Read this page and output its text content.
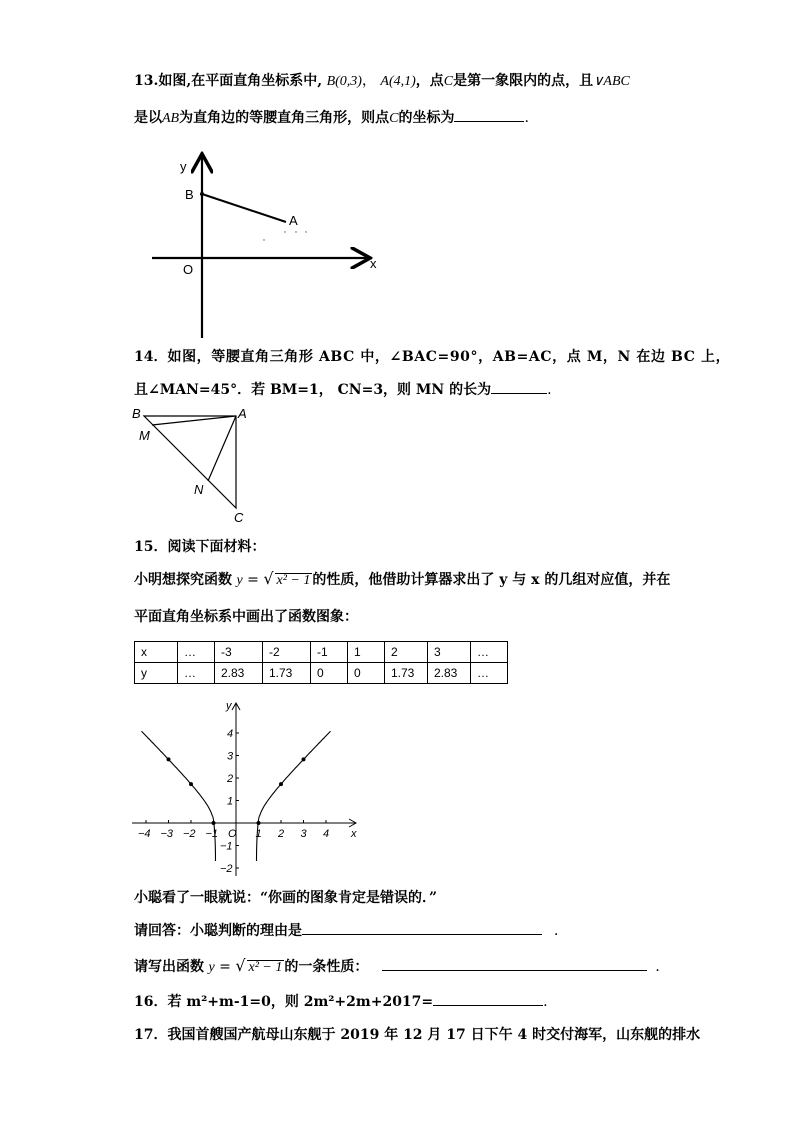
13.如图,在平面直角坐标系中, B(0,3)， A(4,1)，点C是第一象限内的点，且∨ABC
是以AB为直角边的等腰直角三角形，则点C的坐标为	.
y
B
A
O	x
14．如图，等腰直角三角形 ABC 中，∠BAC=90°，AB=AC，点 M，N 在边 BC 上，
且∠MAN=45°．若 BM=1， CN=3，则 MN 的长为	.
B	A
M
N
C
15．阅读下面材料：
小明想探究函数 y = √ x² − 1 的性质，他借助计算器求出了 y 与 x 的几组对应值，并在
平面直角坐标系中画出了函数图象：
x	…	-3	-2	-1	1	2	3	…
y	…	2.83	1.73	0	0	1.73	2.83	…
−4 −3 −2 −1	1 2 3 4
4
3
2
1
−1
−2
O	x
y
小聪看了一眼就说：“你画的图象肯定是错误的．”
请回答：小聪判断的理由是	．
请写出函数 y = √ x² − 1 的一条性质：	．
16．若 m²+m-1=0，则 2m²+2m+2017=	.
17．我国首艘国产航母山东舰于 2019 年 12 月 17 日下午 4 时交付海军，山东舰的排水
